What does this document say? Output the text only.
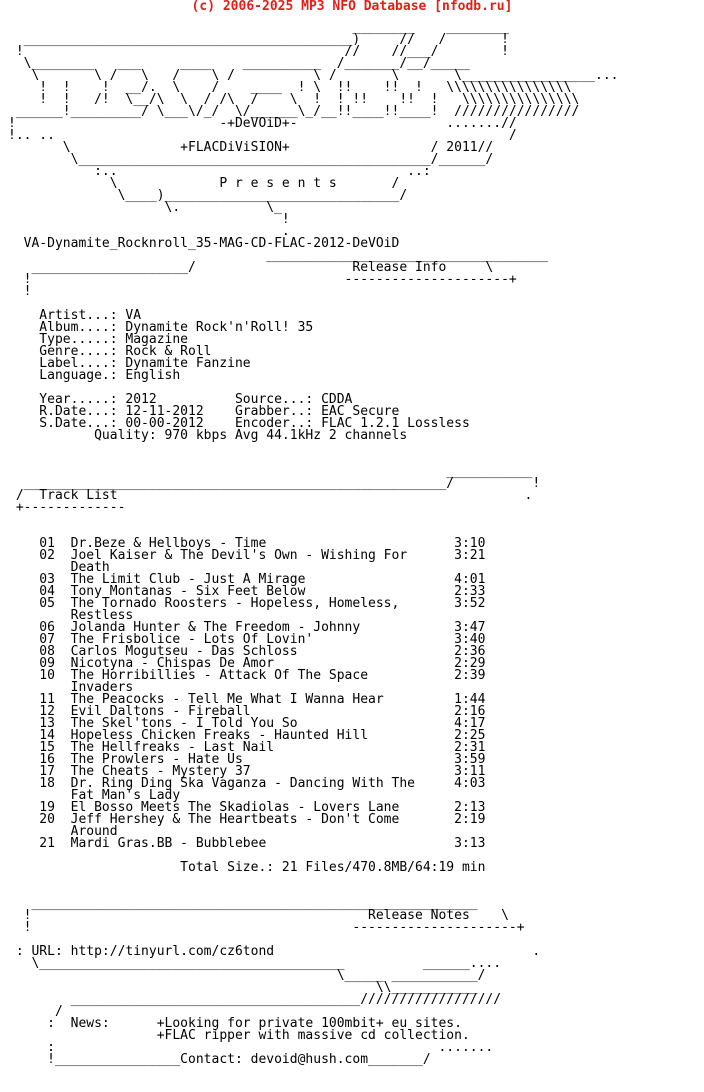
(c) 2006-2025 MP3 NFO Database [nfodb.ru]
________    ________
__________________________________________)     //   /       !
!                                         //    //___/        !
\________   ___     ____    __________  /_______/__/_____
\       \ /   \   /    \ /          \ /       \       \_________________...
!  !    !  __/.  \    /    ____  ! \  !!    !!  !   \\\\\\\\\\\\\\\\
!  !   /!  \__/\  \  / /\  /    \  !  ! !!    !!  !   \\\\\\\\\\\\\\\
______!_________/ \___\/_/  \/______\_/__!!____!!____!  ////////////////
!                          -+DeVOiD+-                   .......//
!.. ..                                                          /
\              +FLACDiViSION+                  / 2011//
\_____________________________________________/______/
:..                                     ..:
\             P r e s e n t s       /
\____)______________________________/
\.           \_
!
.
VA-Dynamite_Rocknroll_35-MAG-CD-FLAC-2012-DeVOiD
____________________________________
____________________/                    Release Info     \
!                                        ---------------------+
!
Artist...: VA
Album....: Dynamite Rock'n'Roll! 35
Type.....: Magazine
Genre....: Rock & Roll
Label....: Dynamite Fanzine
Language.: English
Year.....: 2012          Source...: CDDA
R.Date...: 12-11-2012    Grabber..: EAC Secure
S.Date...: 00-00-2012    Encoder..: FLAC 1.2.1 Lossless
Quality: 970 kbps Avg 44.1kHz 2 channels
___________
______________________________________________________/          !
/  Track List                                                    .
+-------------
01  Dr.Beze & Hellboys - Time                        3:10
02  Joel Kaiser & The Devil's Own - Wishing For      3:21
Death
03  The Limit Club - Just A Mirage                   4:01
04  Tony Montanas - Six Feet Below                   2:33
05  The Tornado Roosters - Hopeless, Homeless,       3:52
Restless
06  Jolanda Hunter & The Freedom - Johnny            3:47
07  The Frisbolice - Lots Of Lovin'                  3:40
08  Carlos Mogutseu - Das Schloss                    2:36
09  Nicotyna - Chispas De Amor                       2:29
10  The Horribillies - Attack Of The Space           2:39
Invaders
11  The Peacocks - Tell Me What I Wanna Hear         1:44
12  Evil Daltons - Fireball                          2:16
13  The Skel'tons - I Told You So                    4:17
14  Hopeless Chicken Freaks - Haunted Hill           2:25
15  The Hellfreaks - Last Nail                       2:31
16  The Prowlers - Hate Us                           3:59
17  The Cheats - Mystery 37                          3:11
18  Dr. Ring Ding Ska Vaganza - Dancing With The     4:03
Fat Man's Lady
19  El Bosso Meets The Skadiolas - Lovers Lane       2:13
20  Jeff Hershey & The Heartbeats - Don't Come       2:19
Around
21  Mardi Gras.BB - Bubblebee                        3:13
Total Size.: 21 Files/470.8MB/64:19 min
_________________________________________________________
!                                           Release Notes    \
!                                         ---------------------+
: URL: http://tinyurl.com/cz6tond                                 .
\_______________________________________          ______....
\_____ ___________/
\\___________
_____________________________________//////////////////
/
:  News:      +Looking for private 100mbit+ eu sites.
+FLAC ripper with massive cd collection.
:                                                 .......
!________________Contact: devoid@hush.com_______/
